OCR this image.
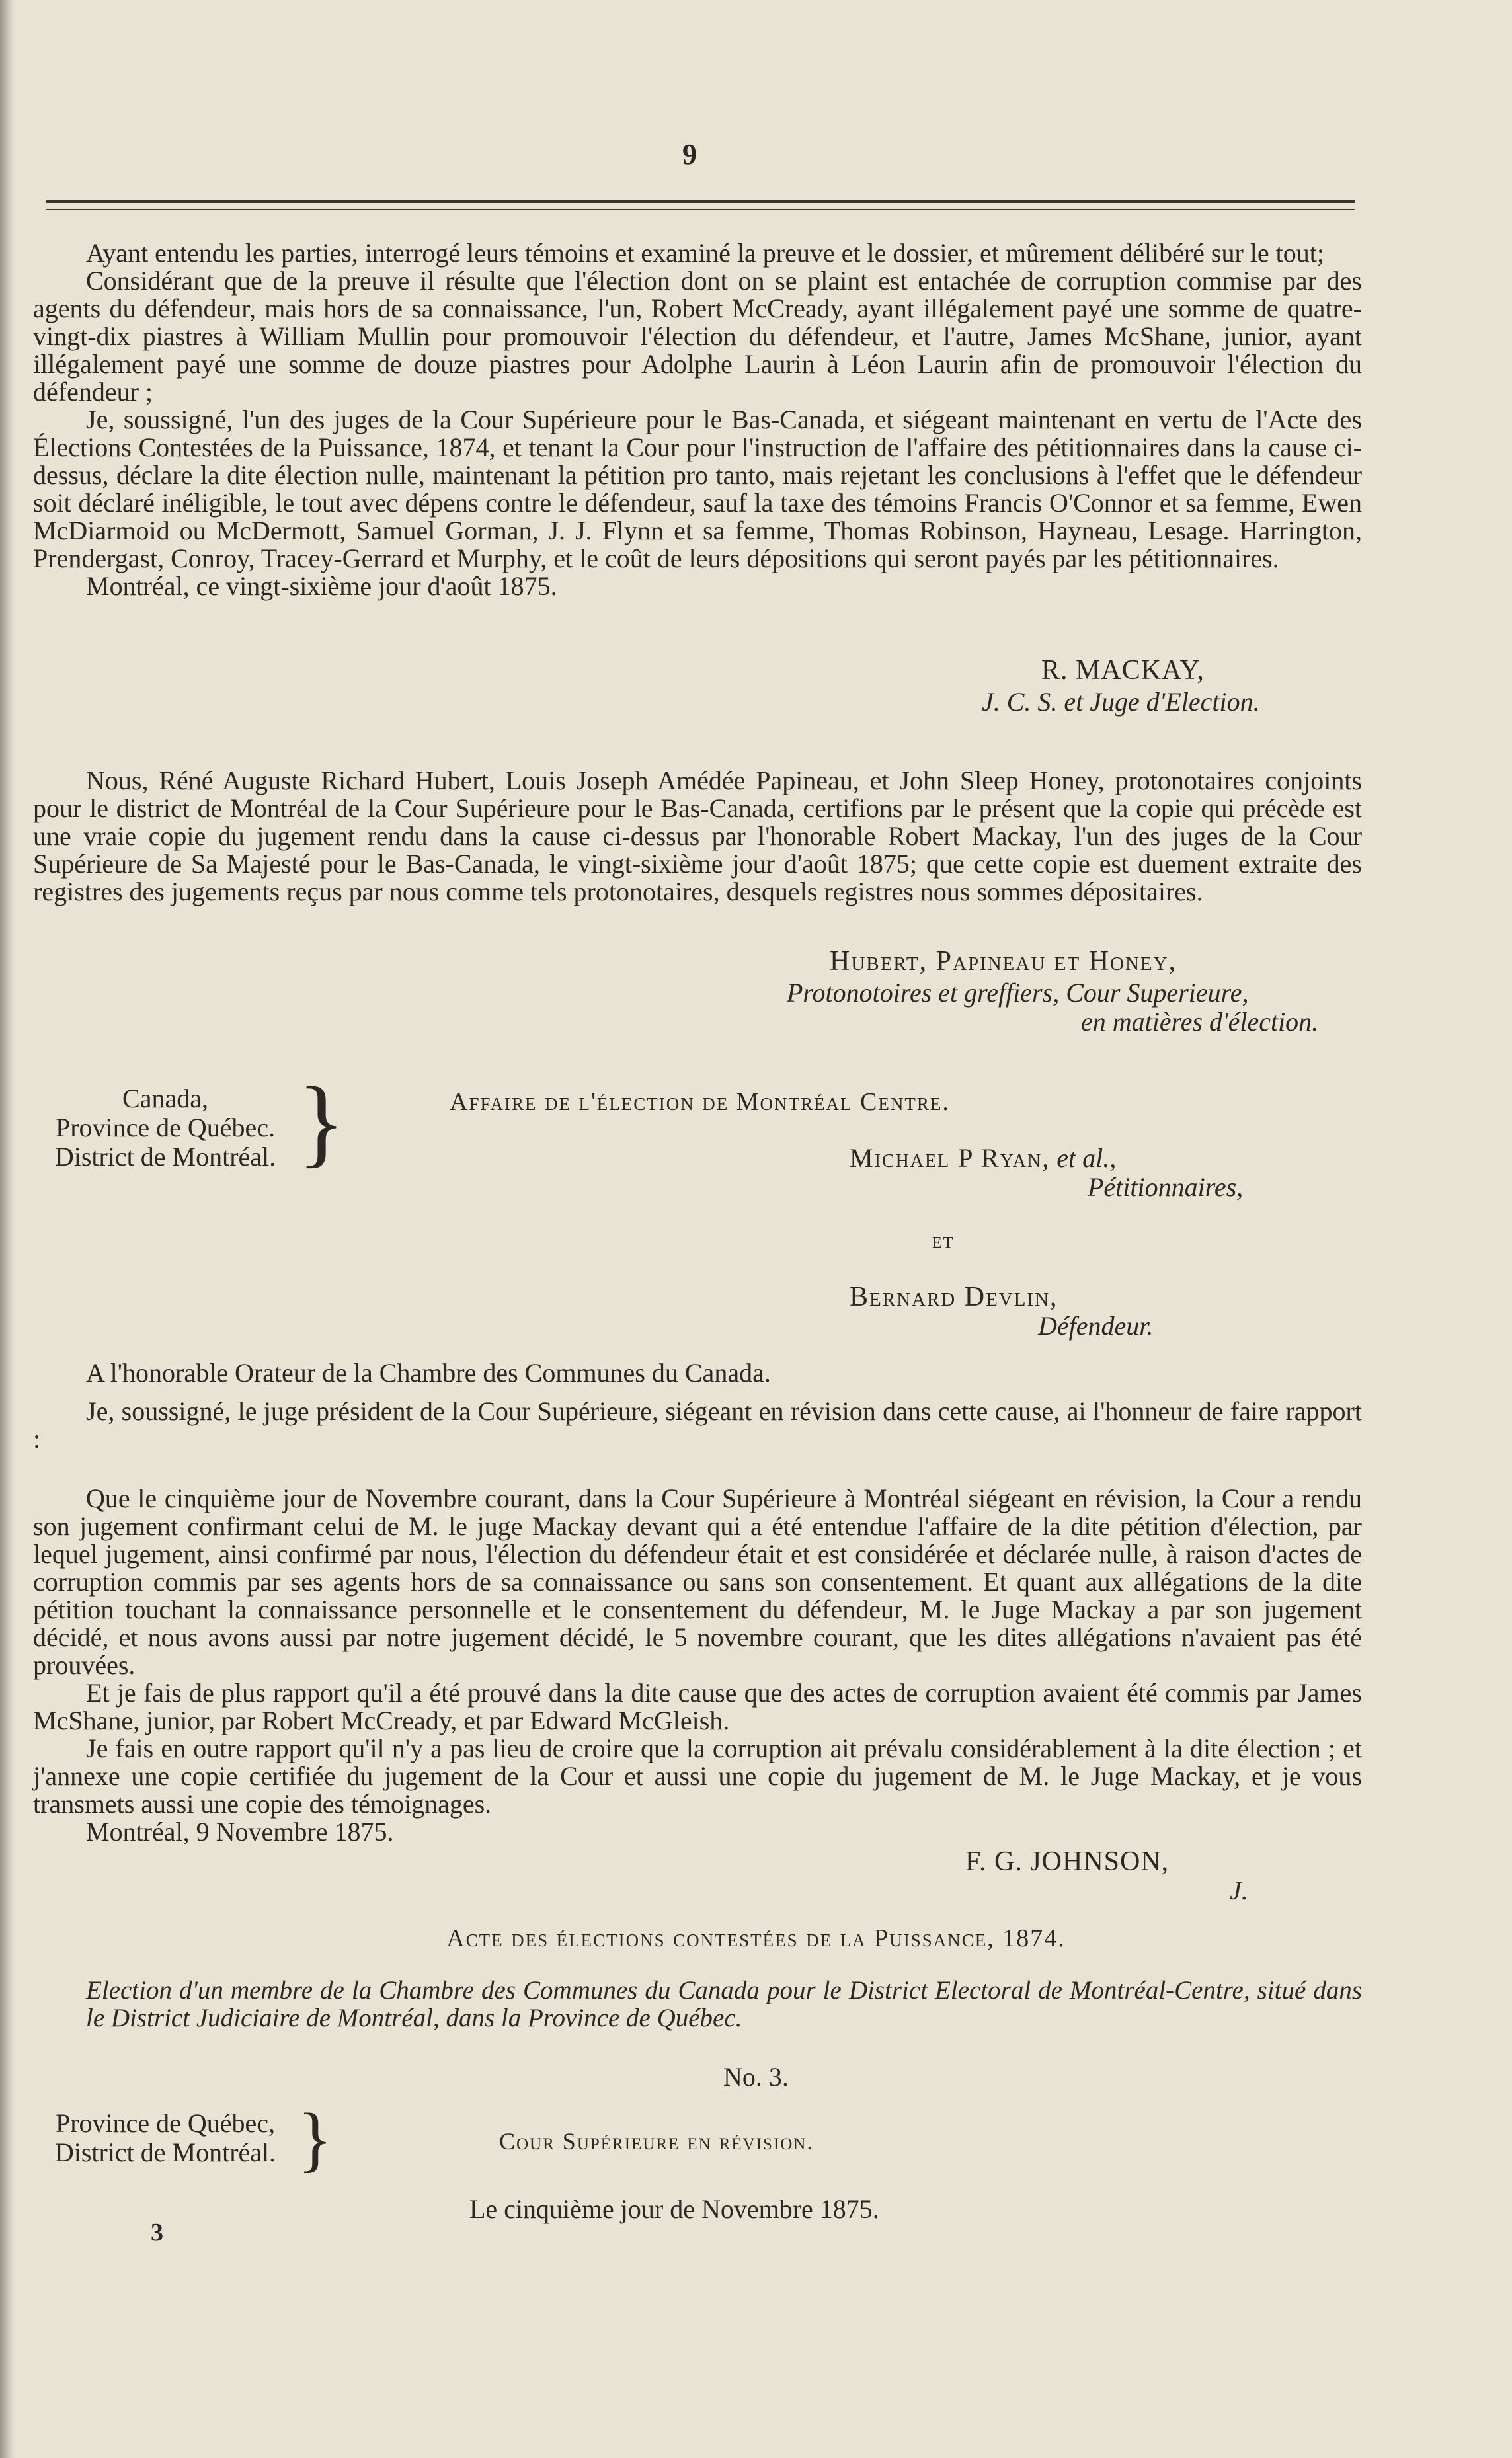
9

Ayant entendu les parties, interrogé leurs témoins et examiné la preuve et le dossier, et mûrement délibéré sur le tout;

Considérant que de la preuve il résulte que l'élection dont on se plaint est entachée de corruption commise par des agents du défendeur, mais hors de sa connaissance, l'un, Robert McCready, ayant illégalement payé une somme de quatre-vingt-dix piastres à William Mullin pour promouvoir l'élection du défendeur, et l'autre, James McShane, junior, ayant illégalement payé une somme de douze piastres pour Adolphe Laurin à Léon Laurin afin de promouvoir l'élection du défendeur ;

Je, soussigné, l'un des juges de la Cour Supérieure pour le Bas-Canada, et siégeant maintenant en vertu de l'Acte des Élections Contestées de la Puissance, 1874, et tenant la Cour pour l'instruction de l'affaire des pétitionnaires dans la cause ci-dessus, déclare la dite élection nulle, maintenant la pétition pro tanto, mais rejetant les conclusions à l'effet que le défendeur soit déclaré inéligible, le tout avec dépens contre le défendeur, sauf la taxe des témoins Francis O'Connor et sa femme, Ewen McDiarmoid ou McDermott, Samuel Gorman, J. J. Flynn et sa femme, Thomas Robinson, Hayneau, Lesage. Harrington, Prendergast, Conroy, Tracey-Gerrard et Murphy, et le coût de leurs dépositions qui seront payés par les pétitionnaires.

Montréal, ce vingt-sixième jour d'août 1875.

R. MACKAY,
J. C. S. et Juge d'Election.

Nous, Réné Auguste Richard Hubert, Louis Joseph Amédée Papineau, et John Sleep Honey, protonotaires conjoints pour le district de Montréal de la Cour Supérieure pour le Bas-Canada, certifions par le présent que la copie qui précède est une vraie copie du jugement rendu dans la cause ci-dessus par l'honorable Robert Mackay, l'un des juges de la Cour Supérieure de Sa Majesté pour le Bas-Canada, le vingt-sixième jour d'août 1875; que cette copie est duement extraite des registres des jugements reçus par nous comme tels protonotaires, desquels registres nous sommes dépositaires.

Hubert, Papineau et Honey,
Protonotoires et greffiers, Cour Superieure,
en matières d'élection.
Canada,
Province de Québec.
District de Montréal. }	Affaire de l'élection de Montréal Centre.
Michael P Ryan, et al.,
Pétitionnaires,
et
Bernard Devlin,
Défendeur.

A l'honorable Orateur de la Chambre des Communes du Canada.

Je, soussigné, le juge président de la Cour Supérieure, siégeant en révision dans cette cause, ai l'honneur de faire rapport :

Que le cinquième jour de Novembre courant, dans la Cour Supérieure à Montréal siégeant en révision, la Cour a rendu son jugement confirmant celui de M. le juge Mackay devant qui a été entendue l'affaire de la dite pétition d'élection, par lequel jugement, ainsi confirmé par nous, l'élection du défendeur était et est considérée et déclarée nulle, à raison d'actes de corruption commis par ses agents hors de sa connaissance ou sans son consentement. Et quant aux allégations de la dite pétition touchant la connaissance personnelle et le consentement du défendeur, M. le Juge Mackay a par son jugement décidé, et nous avons aussi par notre jugement décidé, le 5 novembre courant, que les dites allégations n'avaient pas été prouvées.

Et je fais de plus rapport qu'il a été prouvé dans la dite cause que des actes de corruption avaient été commis par James McShane, junior, par Robert McCready, et par Edward McGleish.

Je fais en outre rapport qu'il n'y a pas lieu de croire que la corruption ait prévalu considérablement à la dite élection ; et j'annexe une copie certifiée du jugement de la Cour et aussi une copie du jugement de M. le Juge Mackay, et je vous transmets aussi une copie des témoignages.

Montréal, 9 Novembre 1875.

F. G. JOHNSON,
J.
Acte des élections contestées de la Puissance, 1874.

Election d'un membre de la Chambre des Communes du Canada pour le District Electoral de Montréal-Centre, situé dans le District Judiciaire de Montréal, dans la Province de Québec.

No. 3.
Province de Québec,
District de Montréal. }	Cour Supérieure en révision.
Le cinquième jour de Novembre 1875.
3
